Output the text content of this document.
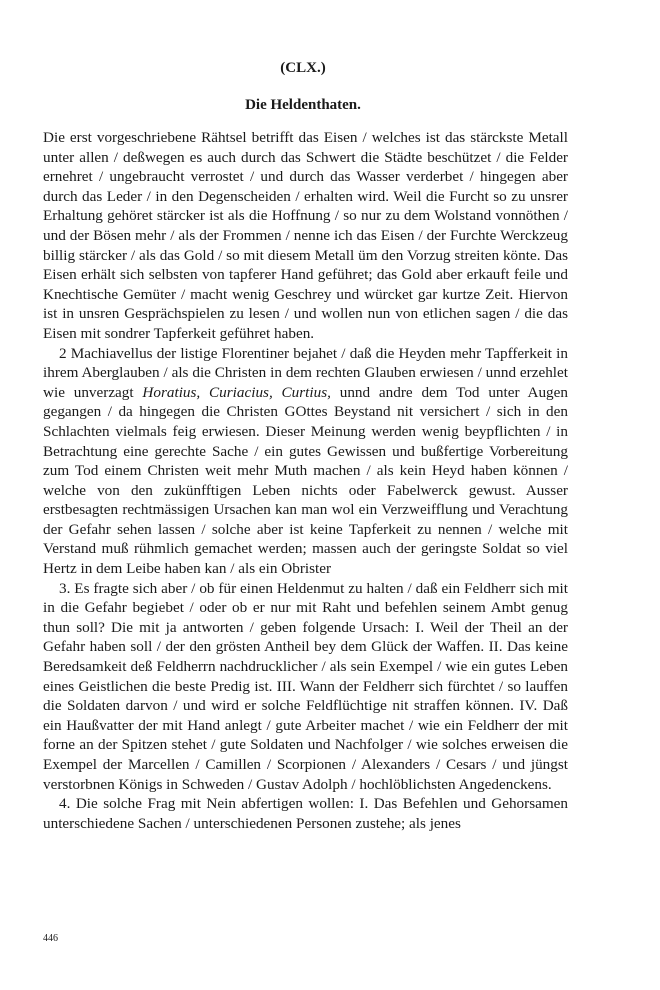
(CLX.)
Die Heldenthaten.

Die erst vorgeschriebene Rähtsel betrifft das Eisen / welches ist das stärckste Metall unter allen / deßwegen es auch durch das Schwert die Städte beschützet / die Felder ernehret / ungebraucht verrostet / und durch das Wasser verderbet / hingegen aber durch das Leder / in den Degenscheiden / erhalten wird. Weil die Furcht so zu unsrer Erhaltung gehöret stärcker ist als die Hoffnung / so nur zu dem Wolstand vonnöthen / und der Bösen mehr / als der Frommen / nenne ich das Eisen / der Furchte Werckzeug billig stärcker / als das Gold / so mit diesem Metall üm den Vorzug streiten könte. Das Eisen erhält sich selbsten von tapferer Hand geführet; das Gold aber erkauft feile und Knechtische Gemüter / macht wenig Geschrey und würcket gar kurtze Zeit. Hiervon ist in unsren Gesprächspielen zu lesen / und wollen nun von etlichen sagen / die das Eisen mit sondrer Tapferkeit geführet haben.

2 Machiavellus der listige Florentiner bejahet / daß die Heyden mehr Tapfferkeit in ihrem Aberglauben / als die Christen in dem rechten Glauben erwiesen / unnd erzehlet wie unverzagt Horatius, Curiacius, Curtius, unnd andre dem Tod unter Augen gegangen / da hingegen die Christen GOttes Beystand nit versichert / sich in den Schlachten vielmals feig erwiesen. Dieser Meinung werden wenig beypflichten / in Betrachtung eine gerechte Sache / ein gutes Gewissen und bußfertige Vorbereitung zum Tod einem Christen weit mehr Muth machen / als kein Heyd haben können / welche von den zukünfftigen Leben nichts oder Fabelwerck gewust. Ausser erstbesagten rechtmässigen Ursachen kan man wol ein Verzweifflung und Verachtung der Gefahr sehen lassen / solche aber ist keine Tapferkeit zu nennen / welche mit Verstand muß rühmlich gemachet werden; massen auch der geringste Soldat so viel Hertz in dem Leibe haben kan / als ein Obrister

3. Es fragte sich aber / ob für einen Heldenmut zu halten / daß ein Feldherr sich mit in die Gefahr begiebet / oder ob er nur mit Raht und befehlen seinem Ambt genug thun soll? Die mit ja antworten / geben folgende Ursach: I. Weil der Theil an der Gefahr haben soll / der den grösten Antheil bey dem Glück der Waffen. II. Das keine Beredsamkeit deß Feldherrn nachdrucklicher / als sein Exempel / wie ein gutes Leben eines Geistlichen die beste Predig ist. III. Wann der Feldherr sich fürchtet / so lauffen die Soldaten darvon / und wird er solche Feldflüchtige nit straffen können. IV. Daß ein Haußvatter der mit Hand anlegt / gute Arbeiter machet / wie ein Feldherr der mit forne an der Spitzen stehet / gute Soldaten und Nachfolger / wie solches erweisen die Exempel der Marcellen / Camillen / Scorpionen / Alexanders / Cesars / und jüngst verstorbnen Königs in Schweden / Gustav Adolph / hochlöblichsten Angedenckens.

4. Die solche Frag mit Nein abfertigen wollen: I. Das Befehlen und Gehorsamen unterschiedene Sachen / unterschiedenen Personen zustehe; als jenes

446
